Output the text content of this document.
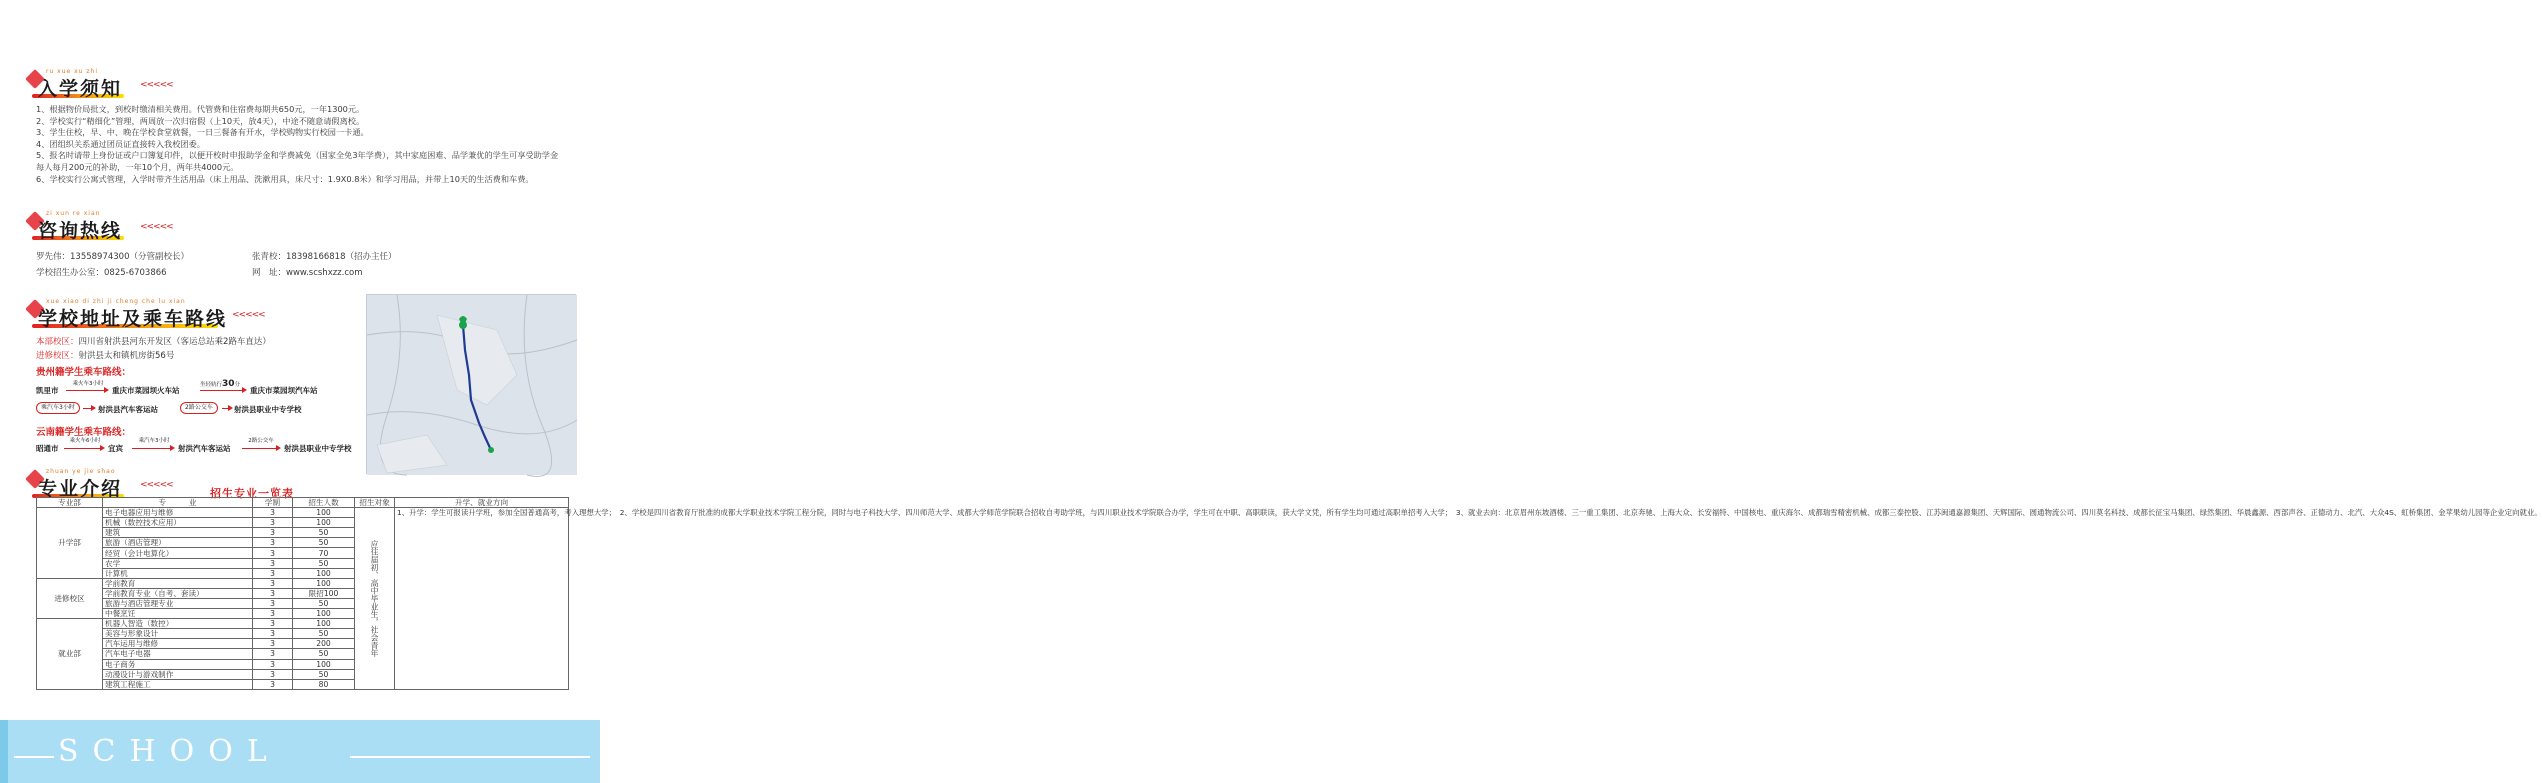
ru xue xu zhi
入学须知 <<<<<

1、根据物价局批文，到校时缴清相关费用。代管费和住宿费每期共650元，一年1300元。

2、学校实行“精细化”管理，两周放一次归宿假（上10天，放4天），中途不随意请假离校。

3、学生住校，早、中、晚在学校食堂就餐，一日三餐备有开水，学校购物实行校园一卡通。

4、团组织关系通过团员证直接转入我校团委。

5、报名时请带上身份证或户口簿复印件，以便开校时申报助学金和学费减免（国家全免3年学费），其中家庭困难、品学兼优的学生可享受助学金每人每月200元的补助，一年10个月，两年共4000元。

6、学校实行公寓式管理，入学时带齐生活用品（床上用品、洗漱用具，床尺寸：1.9X0.8米）和学习用品，并带上10天的生活费和车费。

zi xun re xian
咨询热线 <<<<<
罗先伟：13558974300（分管副校长）	张青校：18398166818（招办主任）
学校招生办公室：0825-6703866	网　址：www.scshxzz.com
xue xiao di zhi ji cheng che lu xian
学校地址及乘车路线 <<<<<
本部校区：四川省射洪县河东开发区（客运总站乘2路车直达）
进修校区：射洪县太和镇机房街56号
贵州籍学生乘车路线：
凯里市
乘火车3小时
重庆市菜园坝火车站
坐轻轨行30分
重庆市菜园坝汽车站
乘汽车3小时	射洪县汽车客运站	2路公交车	射洪县职业中专学校
云南籍学生乘车路线：
昭通市
乘火车6小时
宜宾
乘汽车3小时
射洪汽车客运站
2路公交车
射洪县职业中专学校
zhuan ye jie shao
专业介绍 <<<<<
招生专业一览表
专业部	专　　　业	学制	招生人数	招生对象	升学、就业方向
升学部	电子电器应用与维修	3	100	应往届初、高中毕业生，社会青年	1、升学：学生可报读升学班，参加全国普通高考，考入理想大学；　2、学校是四川省教育厅批准的成都大学职业技术学院工程分院，同时与电子科技大学、四川师范大学、成都大学师范学院联合招收自考助学班，与四川职业技术学院联合办学，学生可在中职、高职联读，获大学文凭，所有学生均可通过高职单招考入大学；　3、就业去向：北京眉州东坡酒楼、三一重工集团、北京奔驰、上海大众、长安福特、中国核电、重庆海尔、成都瑞雪精密机械、成都三泰控股、江苏闽通嘉源集团、天辉国际、圆通物流公司、四川莫名科技、成都长征宝马集团、绿然集团、华晨鑫源、西部声谷、正德动力、北汽、大众4S、虹桥集团、金苹果幼儿园等企业定向就业。
	机械（数控技术应用）	3	100		
	建筑	3	50		
	旅游（酒店管理）	3	50		
	经贸（会计电算化）	3	70		
	农学	3	50		
	计算机	3	100		
进修校区	学前教育	3	100		
	学前教育专业（自考、套读）	3	限招100		
	旅游与酒店管理专业	3	50		
	中餐烹饪	3	100		
就业部	机器人智造（数控）	3	100		
	美容与形象设计	3	50		
	汽车运用与维修	3	200		
	汽车电子电器	3	50		
	电子商务	3	100		
	动漫设计与游戏制作	3	50		
	建筑工程施工	3	80		
SCHOOL
